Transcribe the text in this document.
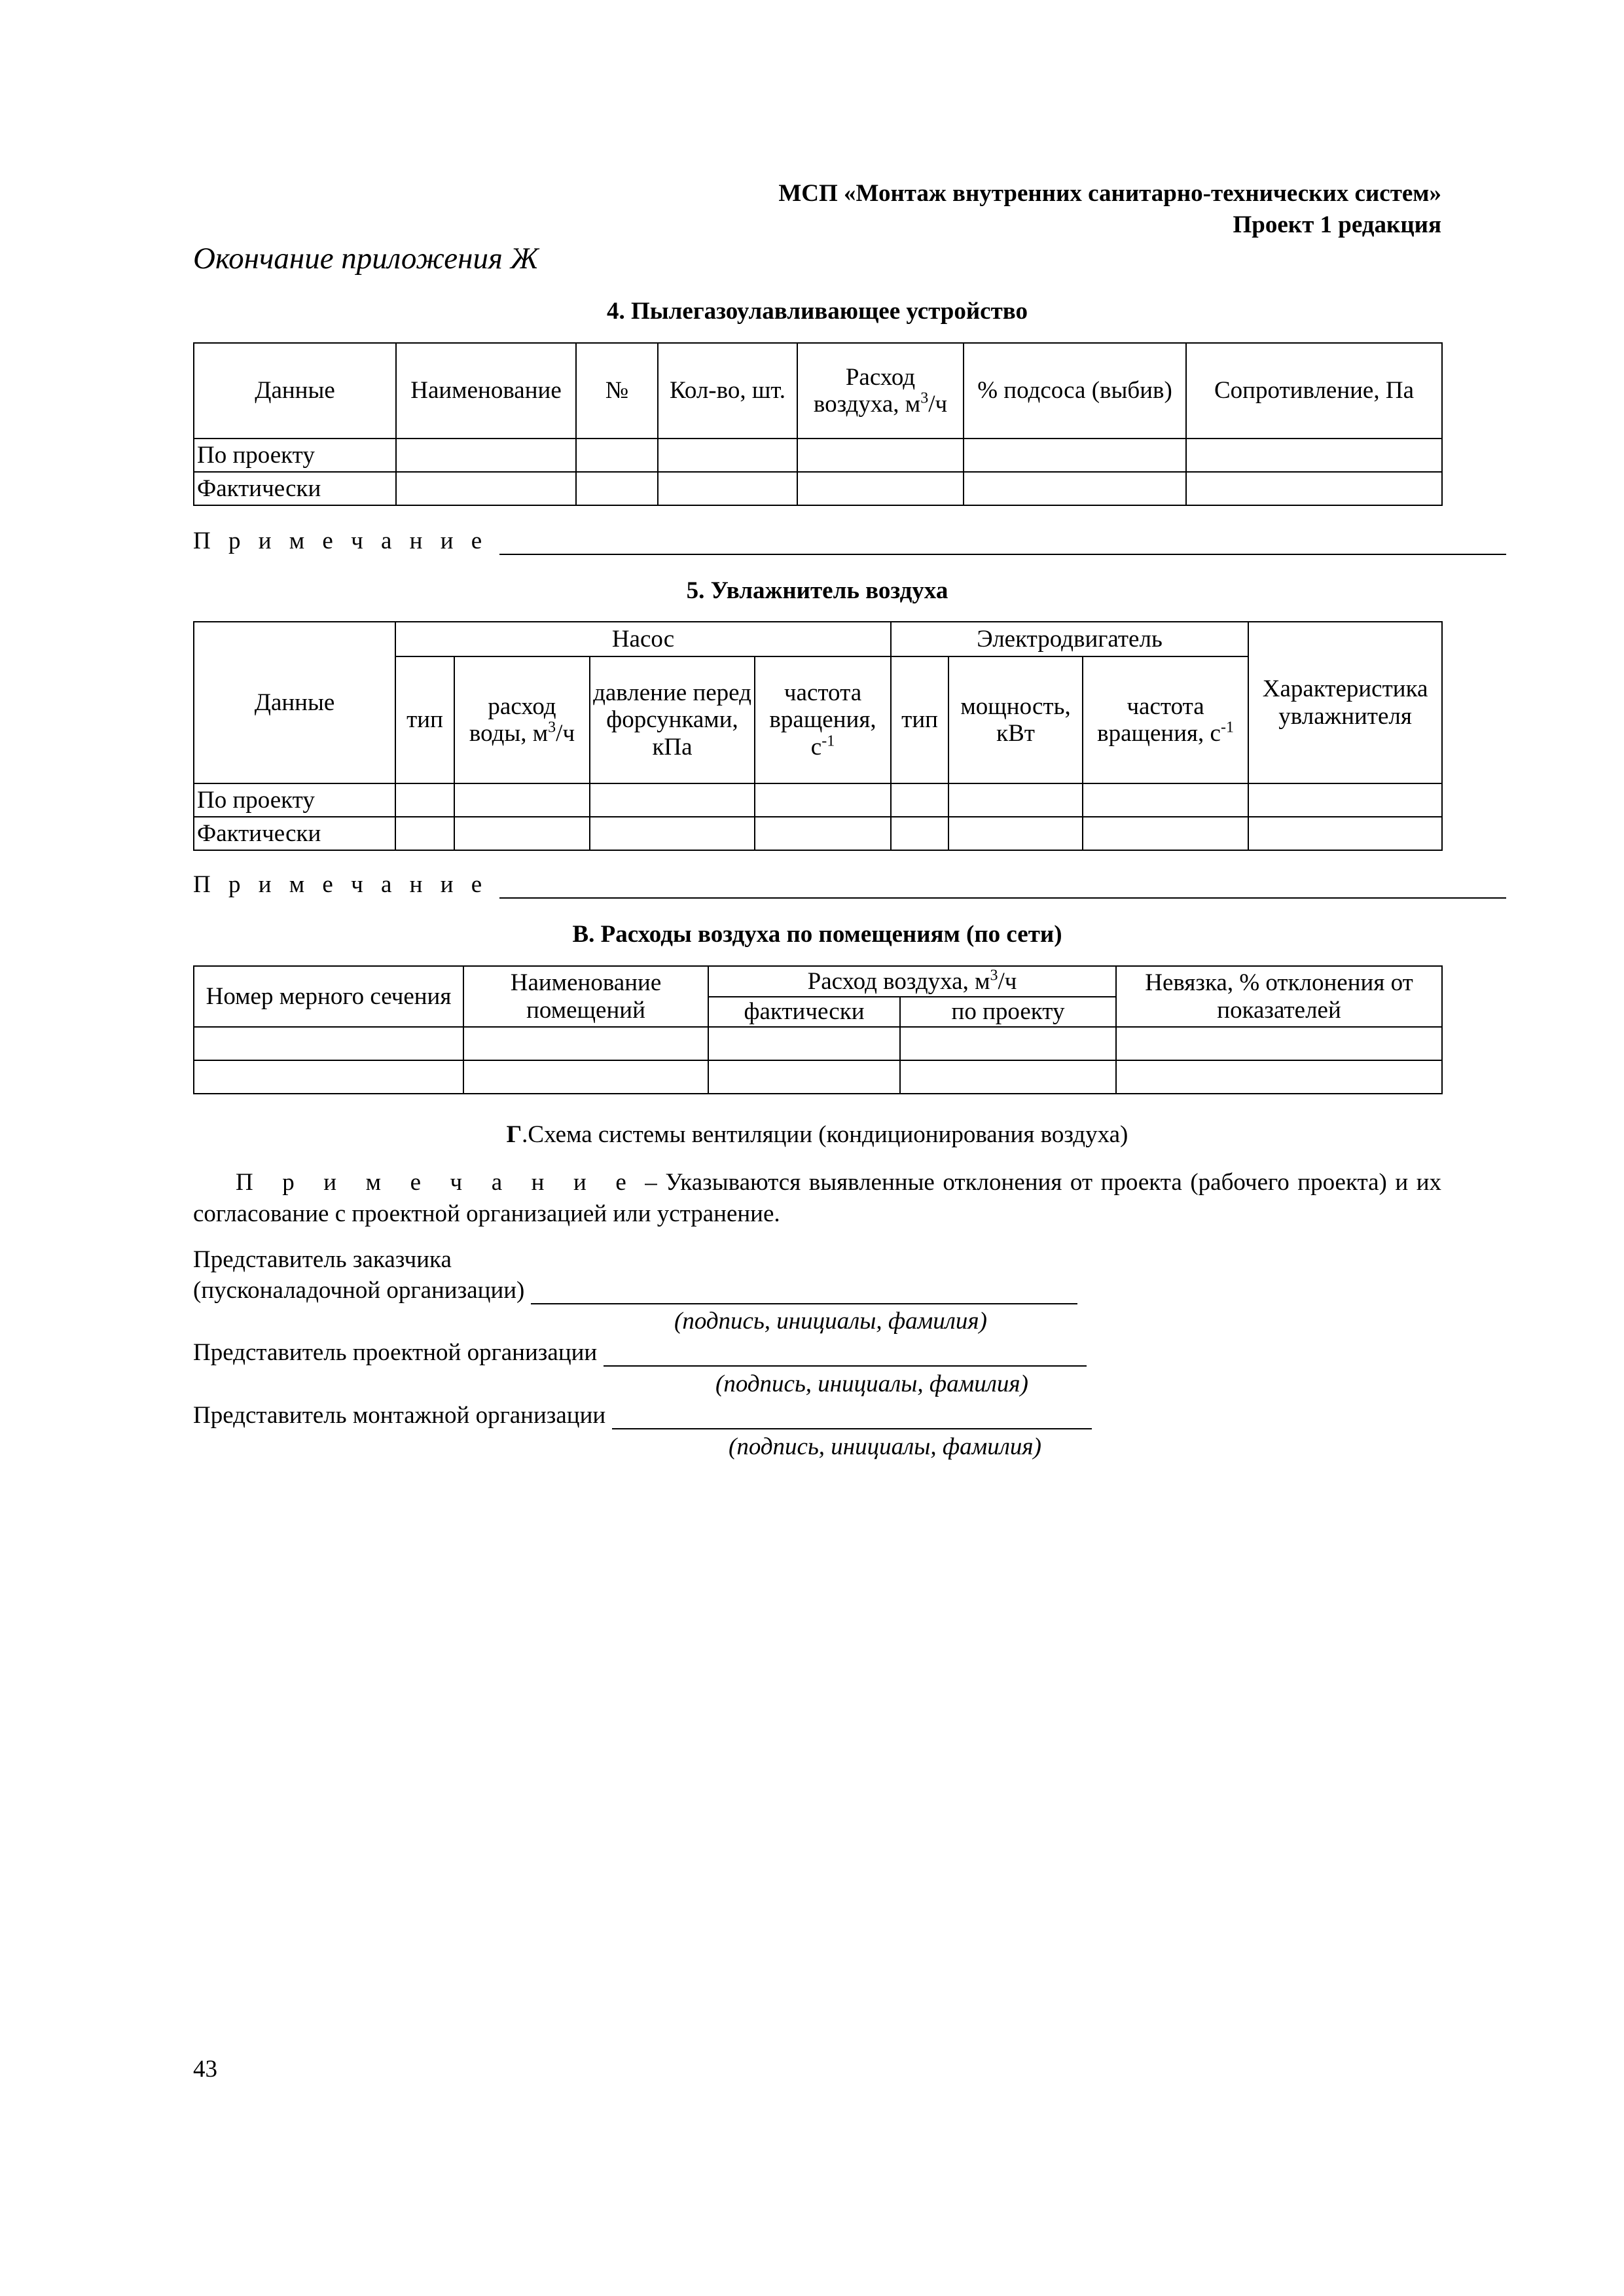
МСП «Монтаж внутренних санитарно-технических систем»
Проект 1 редакция
Окончание приложения Ж
4. Пылегазоулавливающее устройство
Данные	Наименование	№	Кол-во, шт.	Расход воздуха, $м^3/ч$	% подсоса (выбив)	Сопротивление, Па
По проекту						
Фактически						
П р и м е ч а н и е
5. Увлажнитель воздуха
Данные	Насос				Электродвигатель			Характеристика увлажнителя
	тип	расход воды, $м^3/ч$	давление перед форсунками, кПа	частота вращения, $с^{-1}$	тип	мощность, кВт	частота вращения, $с^{-1}$
По проекту								
Фактически								
П р и м е ч а н и е
В. Расходы воздуха по помещениям (по сети)
Номер мерного сечения	Наименование помещений	Расход воздуха, $м^3/ч$		Невязка, % отклонения от показателей
		фактически	по проекту	

Г.Схема системы вентиляции (кондиционирования воздуха)
П р и м е ч а н и е – Указываются выявленные отклонения от проекта (рабочего проекта) и их согласование с проектной организацией или устранение.
Представитель заказчика
(пусконаладочной организации)
(подпись, инициалы, фамилия)
Представитель проектной организации
(подпись, инициалы, фамилия)
Представитель монтажной организации
(подпись, инициалы, фамилия)
43
